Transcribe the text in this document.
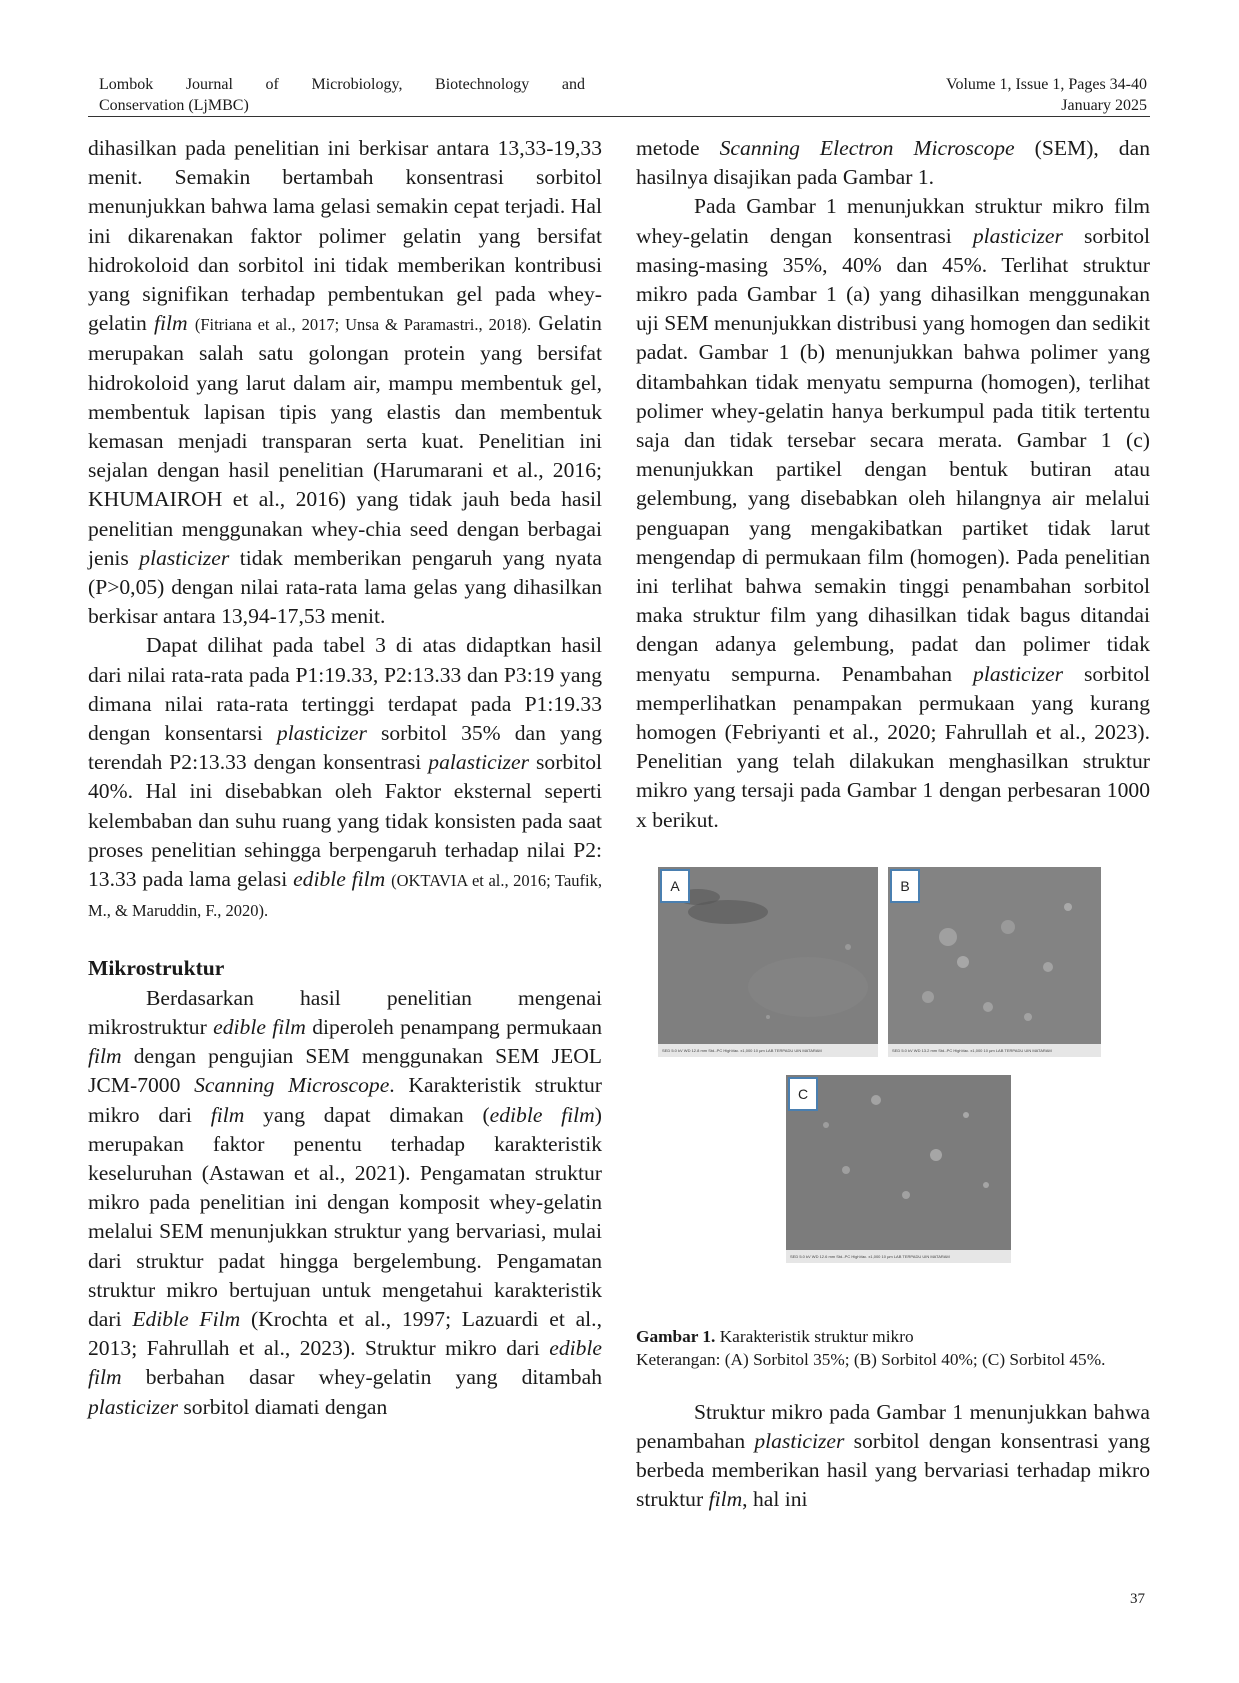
Lombok Journal of Microbiology, Biotechnology and
Conservation (LjMBC)
Volume 1, Issue 1, Pages 34-40
January 2025

dihasilkan pada penelitian ini berkisar antara 13,33-19,33 menit. Semakin bertambah konsentrasi sorbitol menunjukkan bahwa lama gelasi semakin cepat terjadi. Hal ini dikarenakan faktor polimer gelatin yang bersifat hidrokoloid dan sorbitol ini tidak memberikan kontribusi yang signifikan terhadap pembentukan gel pada whey-gelatin film (Fitriana et al., 2017; Unsa & Paramastri., 2018). Gelatin merupakan salah satu golongan protein yang bersifat hidrokoloid yang larut dalam air, mampu membentuk gel, membentuk lapisan tipis yang elastis dan membentuk kemasan menjadi transparan serta kuat. Penelitian ini sejalan dengan hasil penelitian (Harumarani et al., 2016; KHUMAIROH et al., 2016) yang tidak jauh beda hasil penelitian menggunakan whey-chia seed dengan berbagai jenis plasticizer tidak memberikan pengaruh yang nyata (P>0,05) dengan nilai rata-rata lama gelas yang dihasilkan berkisar antara 13,94-17,53 menit.

Dapat dilihat pada tabel 3 di atas didaptkan hasil dari nilai rata-rata pada P1:19.33, P2:13.33 dan P3:19 yang dimana nilai rata-rata tertinggi terdapat pada P1:19.33 dengan konsentarsi plasticizer sorbitol 35% dan yang terendah P2:13.33 dengan konsentrasi palasticizer sorbitol 40%. Hal ini disebabkan oleh Faktor eksternal seperti kelembaban dan suhu ruang yang tidak konsisten pada saat proses penelitian sehingga berpengaruh terhadap nilai P2: 13.33 pada lama gelasi edible film (OKTAVIA et al., 2016; Taufik, M., & Maruddin, F., 2020).

Mikrostruktur

Berdasarkan hasil penelitian mengenai mikrostruktur edible film diperoleh penampang permukaan film dengan pengujian SEM menggunakan SEM JEOL JCM-7000 Scanning Microscope. Karakteristik struktur mikro dari film yang dapat dimakan (edible film) merupakan faktor penentu terhadap karakteristik keseluruhan (Astawan et al., 2021). Pengamatan struktur mikro pada penelitian ini dengan komposit whey-gelatin melalui SEM menunjukkan struktur yang bervariasi, mulai dari struktur padat hingga bergelembung. Pengamatan struktur mikro bertujuan untuk mengetahui karakteristik dari Edible Film (Krochta et al., 1997; Lazuardi et al., 2013; Fahrullah et al., 2023). Struktur mikro dari edible film berbahan dasar whey-gelatin yang ditambah plasticizer sorbitol diamati dengan

metode Scanning Electron Microscope (SEM), dan hasilnya disajikan pada Gambar 1.

Pada Gambar 1 menunjukkan struktur mikro film whey-gelatin dengan konsentrasi plasticizer sorbitol masing-masing 35%, 40% dan 45%. Terlihat struktur mikro pada Gambar 1 (a) yang dihasilkan menggunakan uji SEM menunjukkan distribusi yang homogen dan sedikit padat. Gambar 1 (b) menunjukkan bahwa polimer yang ditambahkan tidak menyatu sempurna (homogen), terlihat polimer whey-gelatin hanya berkumpul pada titik tertentu saja dan tidak tersebar secara merata. Gambar 1 (c) menunjukkan partikel dengan bentuk butiran atau gelembung, yang disebabkan oleh hilangnya air melalui penguapan yang mengakibatkan partiket tidak larut mengendap di permukaan film (homogen). Pada penelitian ini terlihat bahwa semakin tinggi penambahan sorbitol maka struktur film yang dihasilkan tidak bagus ditandai dengan adanya gelembung, padat dan polimer tidak menyatu sempurna. Penambahan plasticizer sorbitol memperlihatkan penampakan permukaan yang kurang homogen (Febriyanti et al., 2020; Fahrullah et al., 2023). Penelitian yang telah dilakukan menghasilkan struktur mikro yang tersaji pada Gambar 1 dengan perbesaran 1000 x berikut.

A
SED 5.0 kV WD 12.8 mm Std.-PC HighVac. x1,000 10 µm LAB TERPADU UIN MATARAM
B
SED 5.0 kV WD 13.2 mm Std.-PC HighVac. x1,000 10 µm LAB TERPADU UIN MATARAM
C
SED 5.0 kV WD 12.6 mm Std.-PC HighVac. x1,000 10 µm LAB TERPADU UIN MATARAM

Gambar 1. Karakteristik struktur mikro
Keterangan: (A) Sorbitol 35%; (B) Sorbitol 40%; (C) Sorbitol 45%.

Struktur mikro pada Gambar 1 menunjukkan bahwa penambahan plasticizer sorbitol dengan konsentrasi yang berbeda memberikan hasil yang bervariasi terhadap mikro struktur film, hal ini

37
